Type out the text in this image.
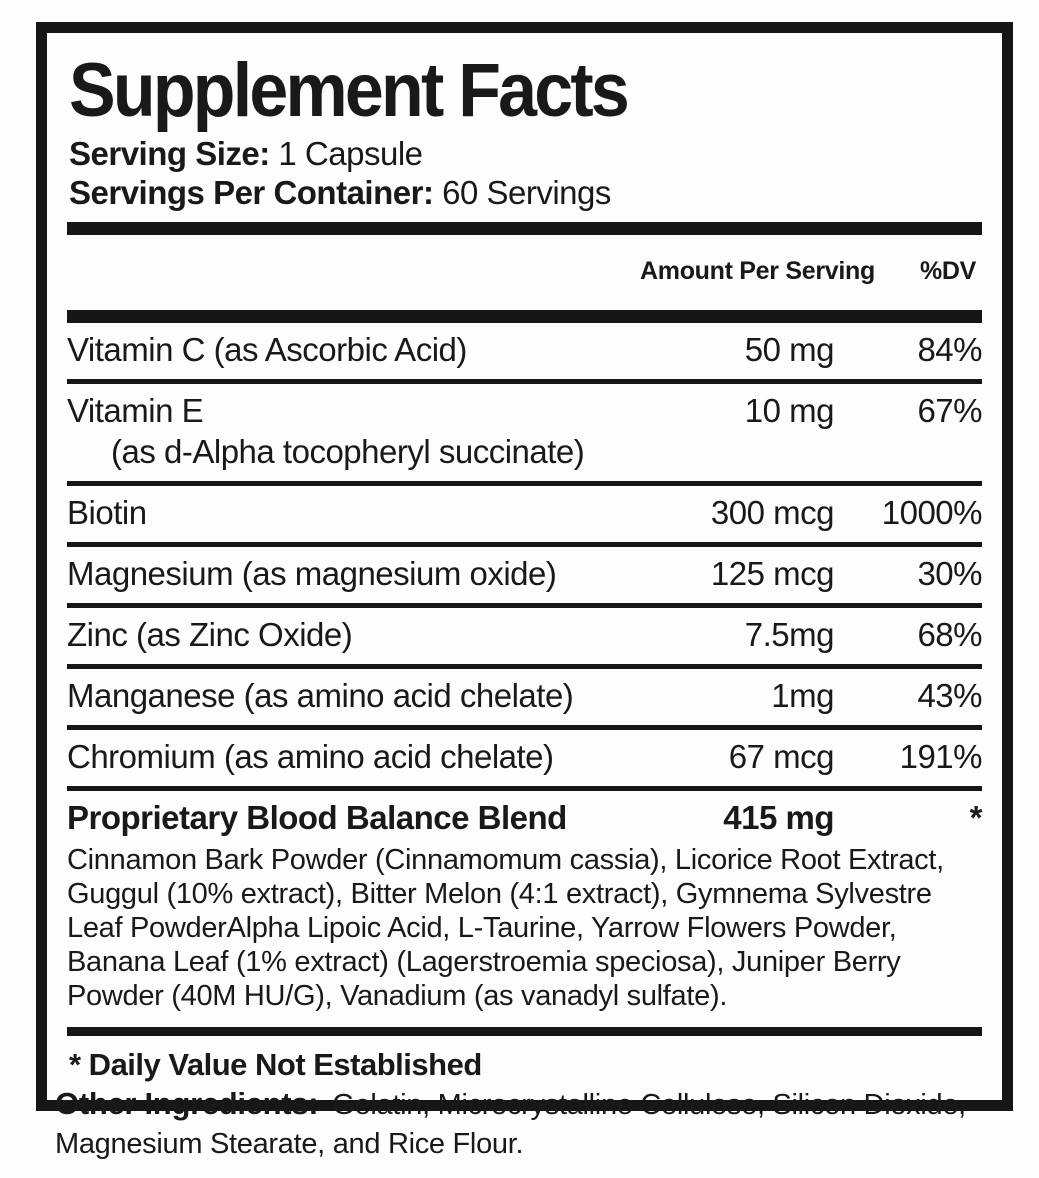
Supplement Facts
Serving Size: 1 Capsule
Servings Per Container: 60 Servings
Amount Per Serving %DV
Vitamin C (as Ascorbic Acid)	50 mg	84%
Vitamin E
(as d-Alpha tocopheryl succinate)
10 mg	67%
Biotin	300 mcg	1000%
Magnesium (as magnesium oxide)	125 mcg	30%
Zinc (as Zinc Oxide)	7.5mg	68%
Manganese (as amino acid chelate)	1mg	43%
Chromium (as amino acid chelate)	67 mcg	191%
Proprietary Blood Balance Blend	415 mg	*
Cinnamon Bark Powder (Cinnamomum cassia), Licorice Root Extract, Guggul (10% extract), Bitter Melon (4:1 extract), Gymnema Sylvestre Leaf PowderAlpha Lipoic Acid, L-Taurine, Yarrow Flowers Powder, Banana Leaf (1% extract) (Lagerstroemia speciosa), Juniper Berry Powder (40M HU/G), Vanadium (as vanadyl sulfate).
* Daily Value Not Established
Other Ingredients: Gelatin, Microcrystalline Cellulose, Silicon Dioxide, Magnesium Stearate, and Rice Flour.
